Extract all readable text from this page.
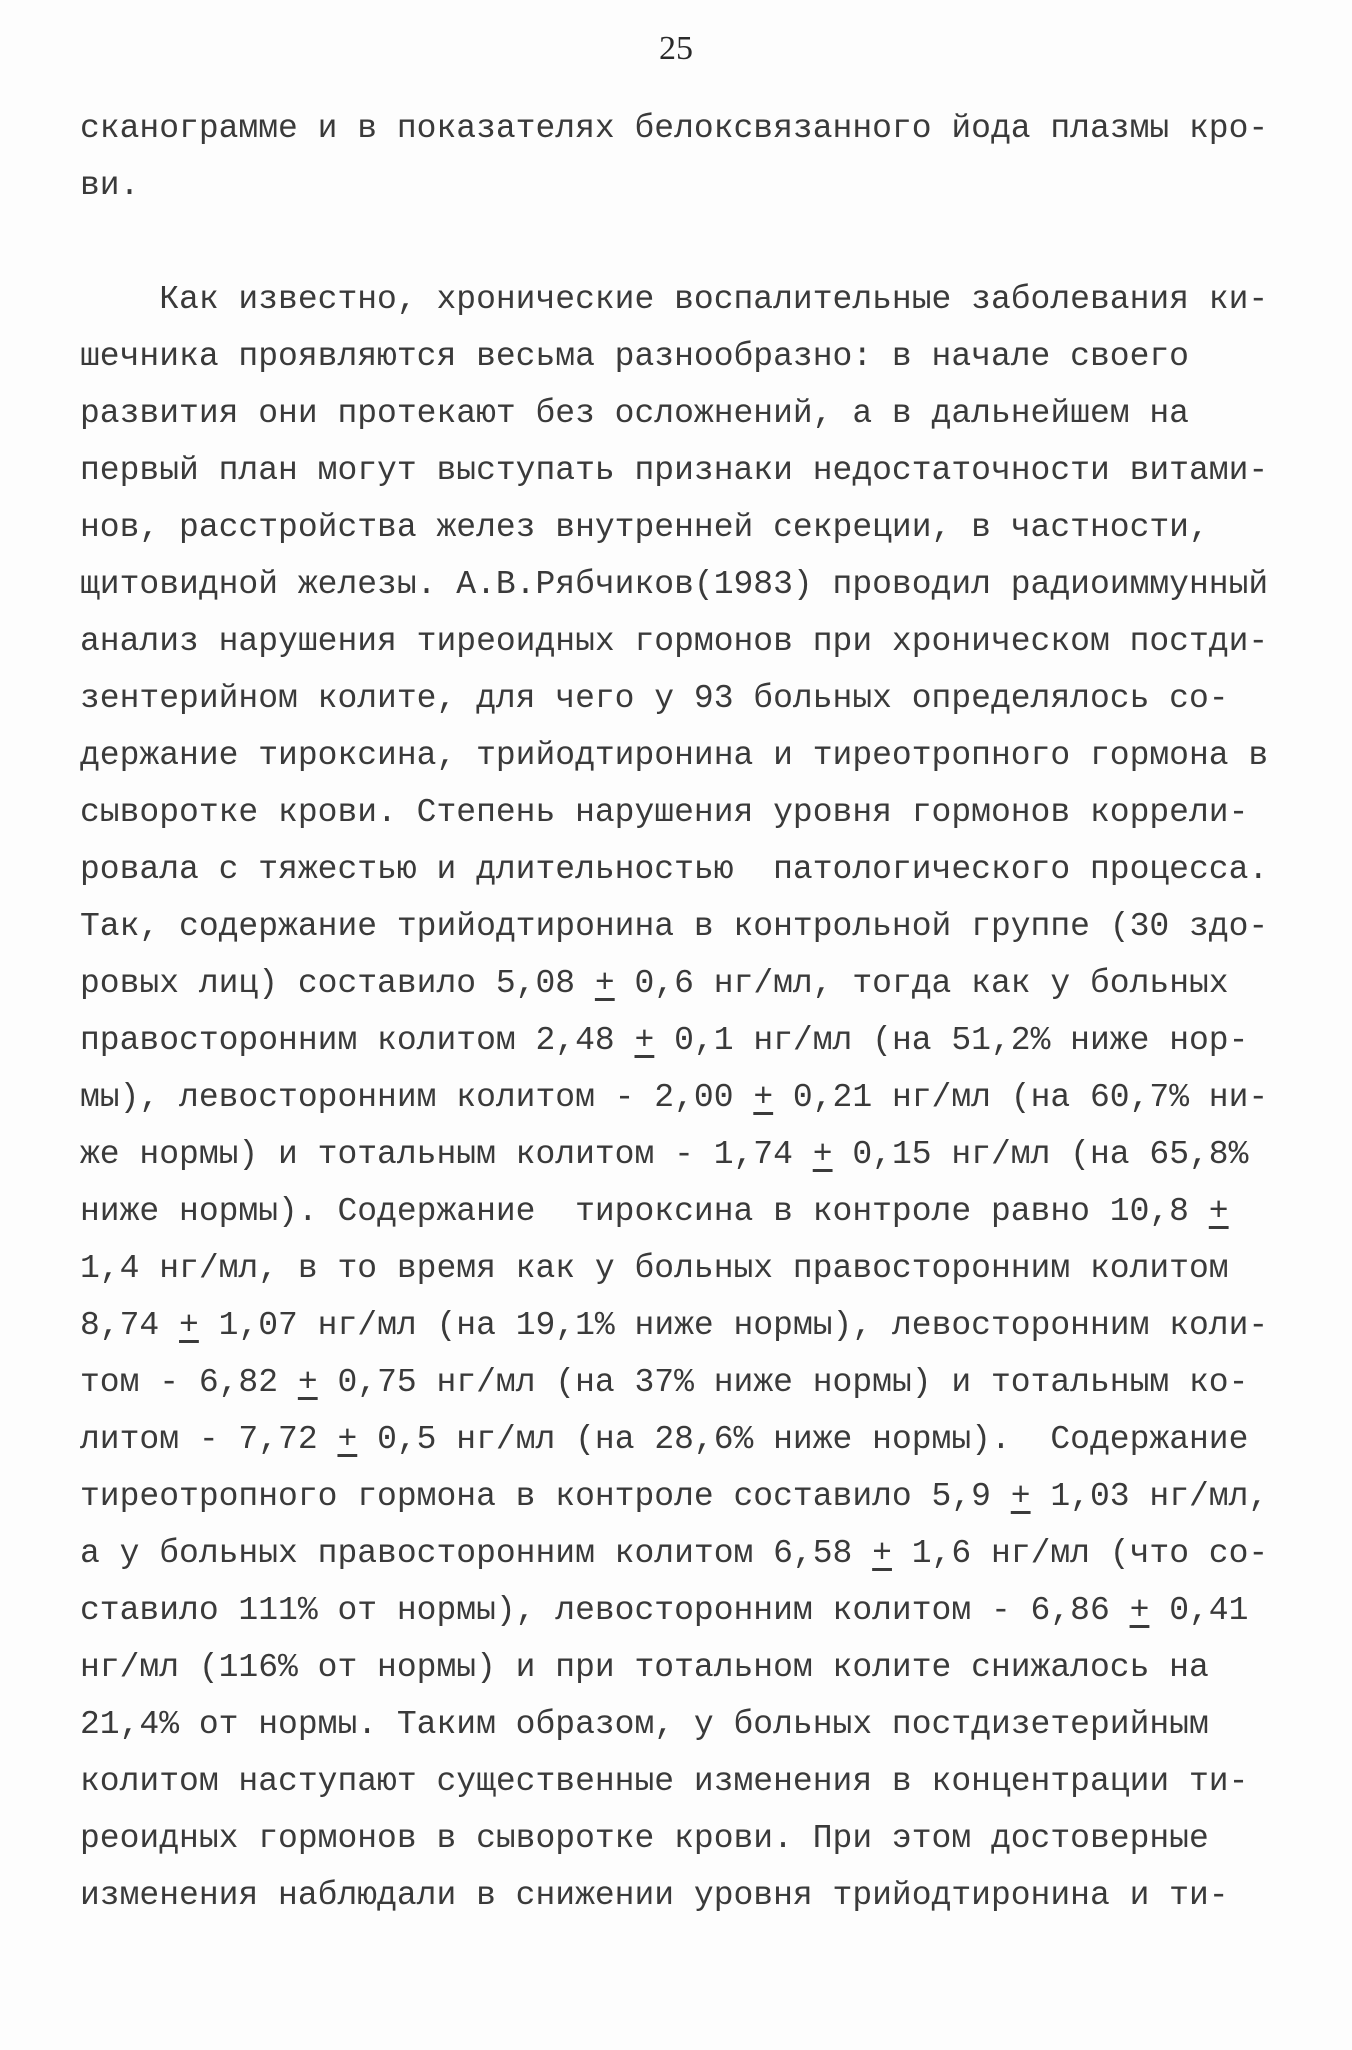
25
сканограмме и в показателях белоксвязанного йода плазмы кро-
ви.

Как известно, хронические воспалительные заболевания ки-
шечника проявляются весьма разнообразно: в начале своего
развития они протекают без осложнений, а в дальнейшем на
первый план могут выступать признаки недостаточности витами-
нов, расстройства желез внутренней секреции, в частности,
щитовидной железы. А.В.Рябчиков(1983) проводил радиоиммунный
анализ нарушения тиреоидных гормонов при хроническом постди-
зентерийном колите, для чего у 93 больных определялось со-
держание тироксина, трийодтиронина и тиреотропного гормона в
сыворотке крови. Степень нарушения уровня гормонов коррели-
ровала с тяжестью и длительностью  патологического процесса.
Так, содержание трийодтиронина в контрольной группе (30 здо-
ровых лиц) составило 5,08 + 0,6 нг/мл, тогда как у больных
правосторонним колитом 2,48 + 0,1 нг/мл (на 51,2% ниже нор-
мы), левосторонним колитом - 2,00 + 0,21 нг/мл (на 60,7% ни-
же нормы) и тотальным колитом - 1,74 + 0,15 нг/мл (на 65,8%
ниже нормы). Содержание  тироксина в контроле равно 10,8 +
1,4 нг/мл, в то время как у больных правосторонним колитом
8,74 + 1,07 нг/мл (на 19,1% ниже нормы), левосторонним коли-
том - 6,82 + 0,75 нг/мл (на 37% ниже нормы) и тотальным ко-
литом - 7,72 + 0,5 нг/мл (на 28,6% ниже нормы).  Содержание
тиреотропного гормона в контроле составило 5,9 + 1,03 нг/мл,
а у больных правосторонним колитом 6,58 + 1,6 нг/мл (что со-
ставило 111% от нормы), левосторонним колитом - 6,86 + 0,41
нг/мл (116% от нормы) и при тотальном колите снижалось на
21,4% от нормы. Таким образом, у больных постдизетерийным
колитом наступают существенные изменения в концентрации ти-
реоидных гормонов в сыворотке крови. При этом достоверные
изменения наблюдали в снижении уровня трийодтиронина и ти-
